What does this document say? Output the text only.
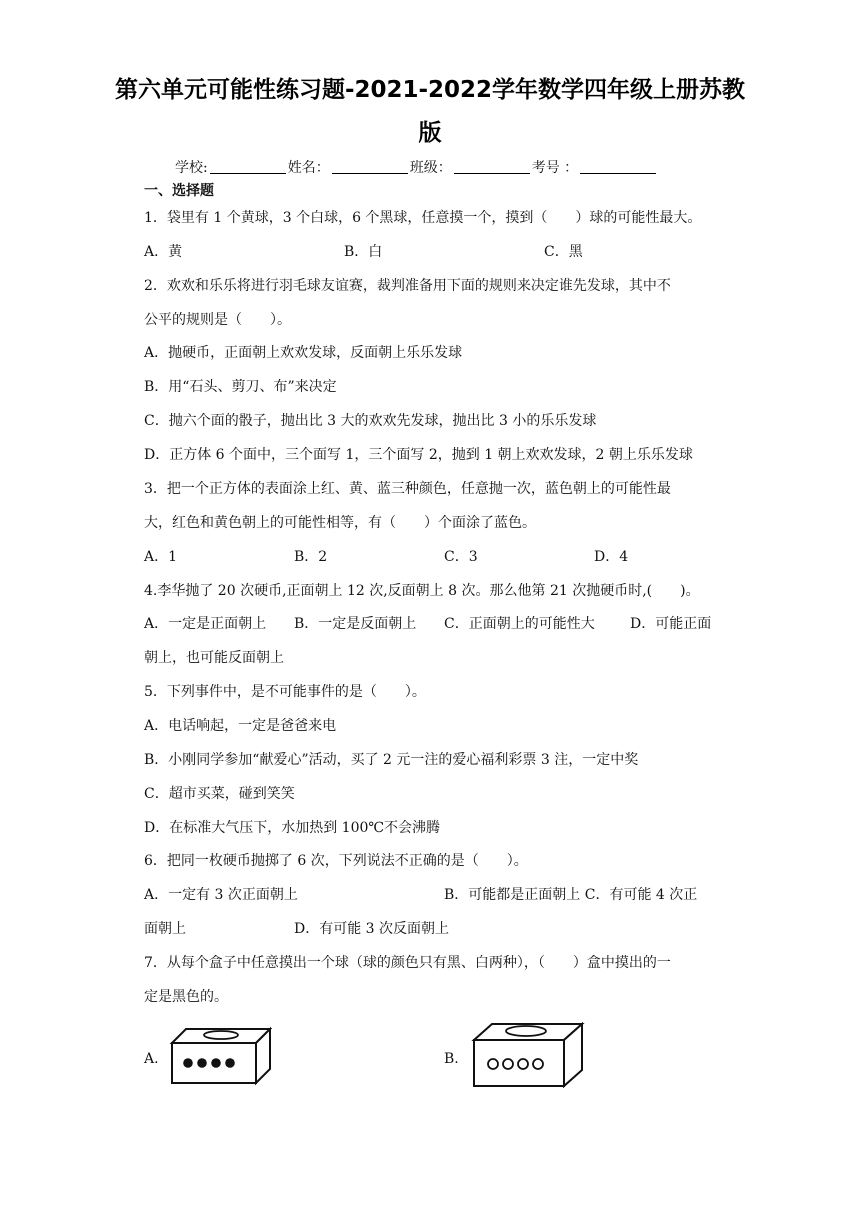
第六单元可能性练习题-2021-2022学年数学四年级上册苏教
版
学校:	姓名：	班级：	考号 ：
一、选择题
1．袋里有 1 个黄球，3 个白球，6 个黑球，任意摸一个，摸到（　　）球的可能性最大。
A．黄	B．白	C．黑
2．欢欢和乐乐将进行羽毛球友谊赛，裁判准备用下面的规则来决定谁先发球，其中不
公平的规则是（　　）。
A．抛硬币，正面朝上欢欢发球，反面朝上乐乐发球
B．用“石头、剪刀、布”来决定
C．抛六个面的骰子，抛出比 3 大的欢欢先发球，抛出比 3 小的乐乐发球
D．正方体 6 个面中，三个面写 1，三个面写 2，抛到 1 朝上欢欢发球，2 朝上乐乐发球
3．把一个正方体的表面涂上红、黄、蓝三种颜色，任意抛一次，蓝色朝上的可能性最
大，红色和黄色朝上的可能性相等，有（　　）个面涂了蓝色。
A．1	B．2	C．3	D．4
4.李华抛了 20 次硬币,正面朝上 12 次,反面朝上 8 次。那么他第 21 次抛硬币时,(　　)。
A．一定是正面朝上 B．一定是反面朝上 C．正面朝上的可能性大	D．可能正面
朝上，也可能反面朝上
5．下列事件中，是不可能事件的是（　　）。
A．电话响起，一定是爸爸来电
B．小刚同学参加“献爱心”活动，买了 2 元一注的爱心福利彩票 3 注，一定中奖
C．超市买菜，碰到笑笑
D．在标准大气压下，水加热到 100℃不会沸腾
6．把同一枚硬币抛掷了 6 次，下列说法不正确的是（　　）。
A．一定有 3 次正面朝上	B．可能都是正面朝上 C．有可能 4 次正
面朝上	D．有可能 3 次反面朝上
7．从每个盒子中任意摸出一个球（球的颜色只有黑、白两种），（　　）盒中摸出的一
定是黑色的。
A.	B.
